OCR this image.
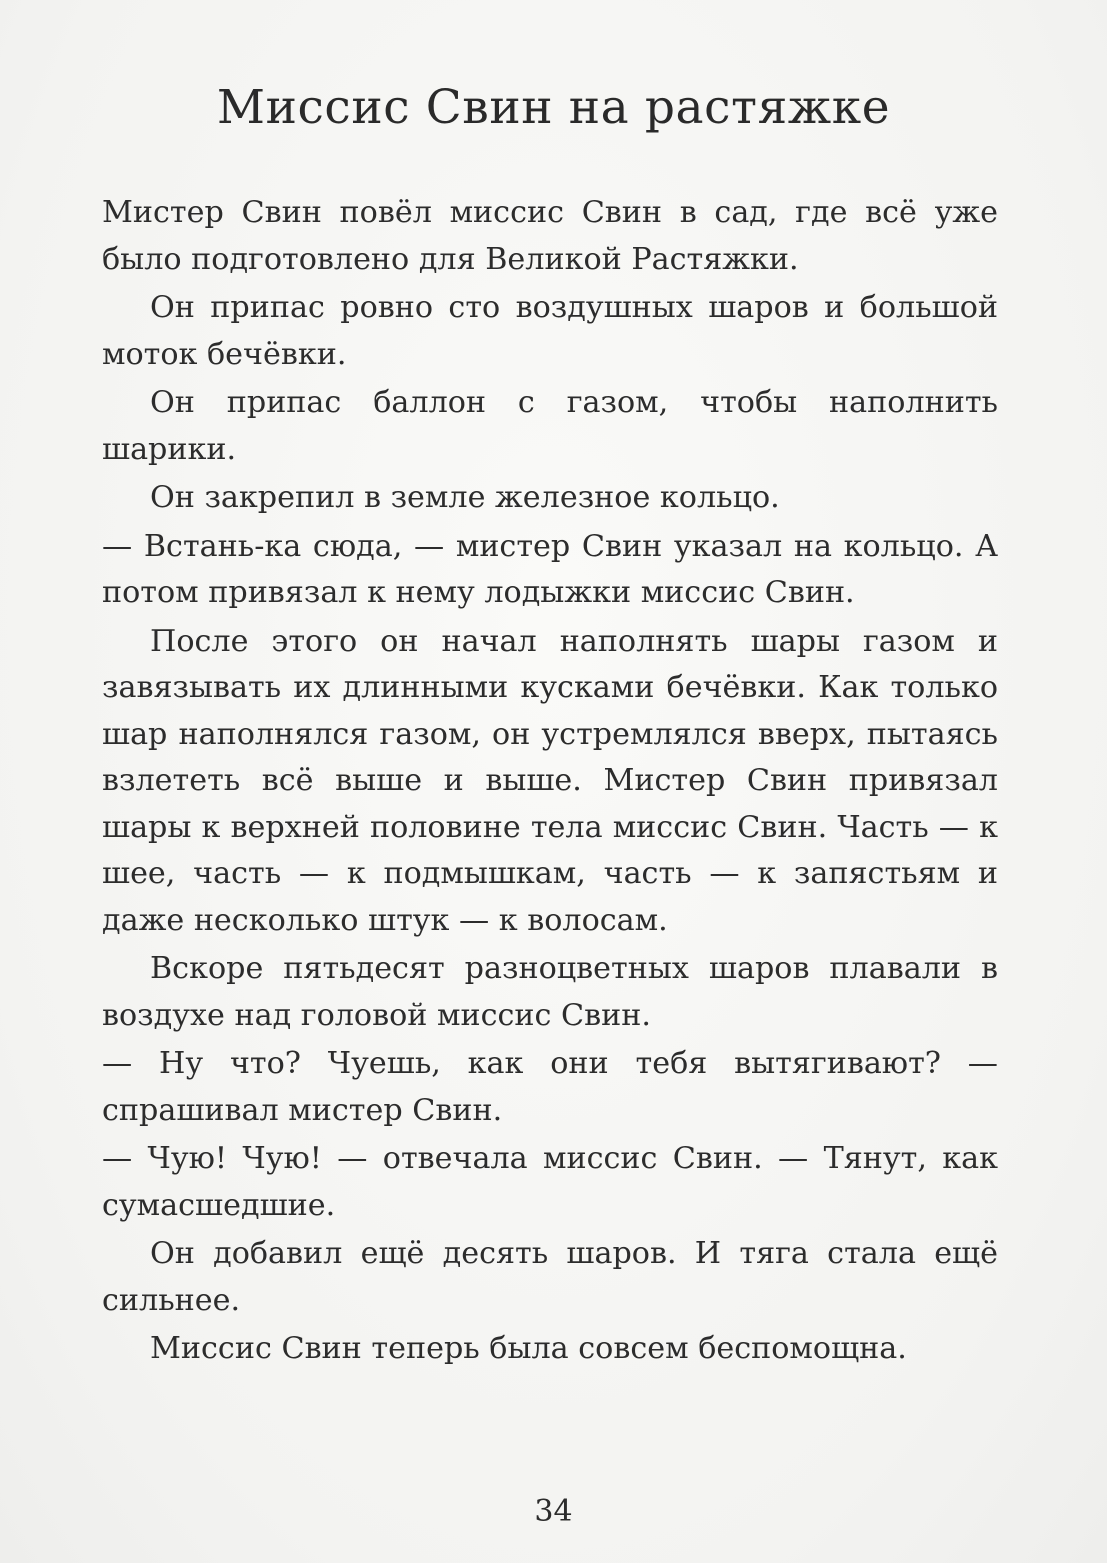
Миссис Свин на растяжке

Мистер Свин повёл миссис Свин в сад, где всё уже было подготовлено для Великой Растяжки.

Он припас ровно сто воздушных шаров и большой моток бечёвки.

Он припас баллон с газом, чтобы наполнить шарики.

Он закрепил в земле железное кольцо.

— Встань-ка сюда, — мистер Свин указал на кольцо. А потом привязал к нему лодыжки миссис Свин.

После этого он начал наполнять шары газом и завязывать их длинными кусками бечёвки. Как только шар наполнялся газом, он устремлялся вверх, пытаясь взлететь всё выше и выше. Мистер Свин привязал шары к верхней половине тела миссис Свин. Часть — к шее, часть — к подмышкам, часть — к запястьям и даже несколько штук — к волосам.

Вскоре пятьдесят разноцветных шаров плавали в воздухе над головой миссис Свин.

— Ну что? Чуешь, как они тебя вытягивают? — спрашивал мистер Свин.

— Чую! Чую! — отвечала миссис Свин. — Тянут, как сумасшедшие.

Он добавил ещё десять шаров. И тяга стала ещё сильнее.

Миссис Свин теперь была совсем беспомощна.

34
